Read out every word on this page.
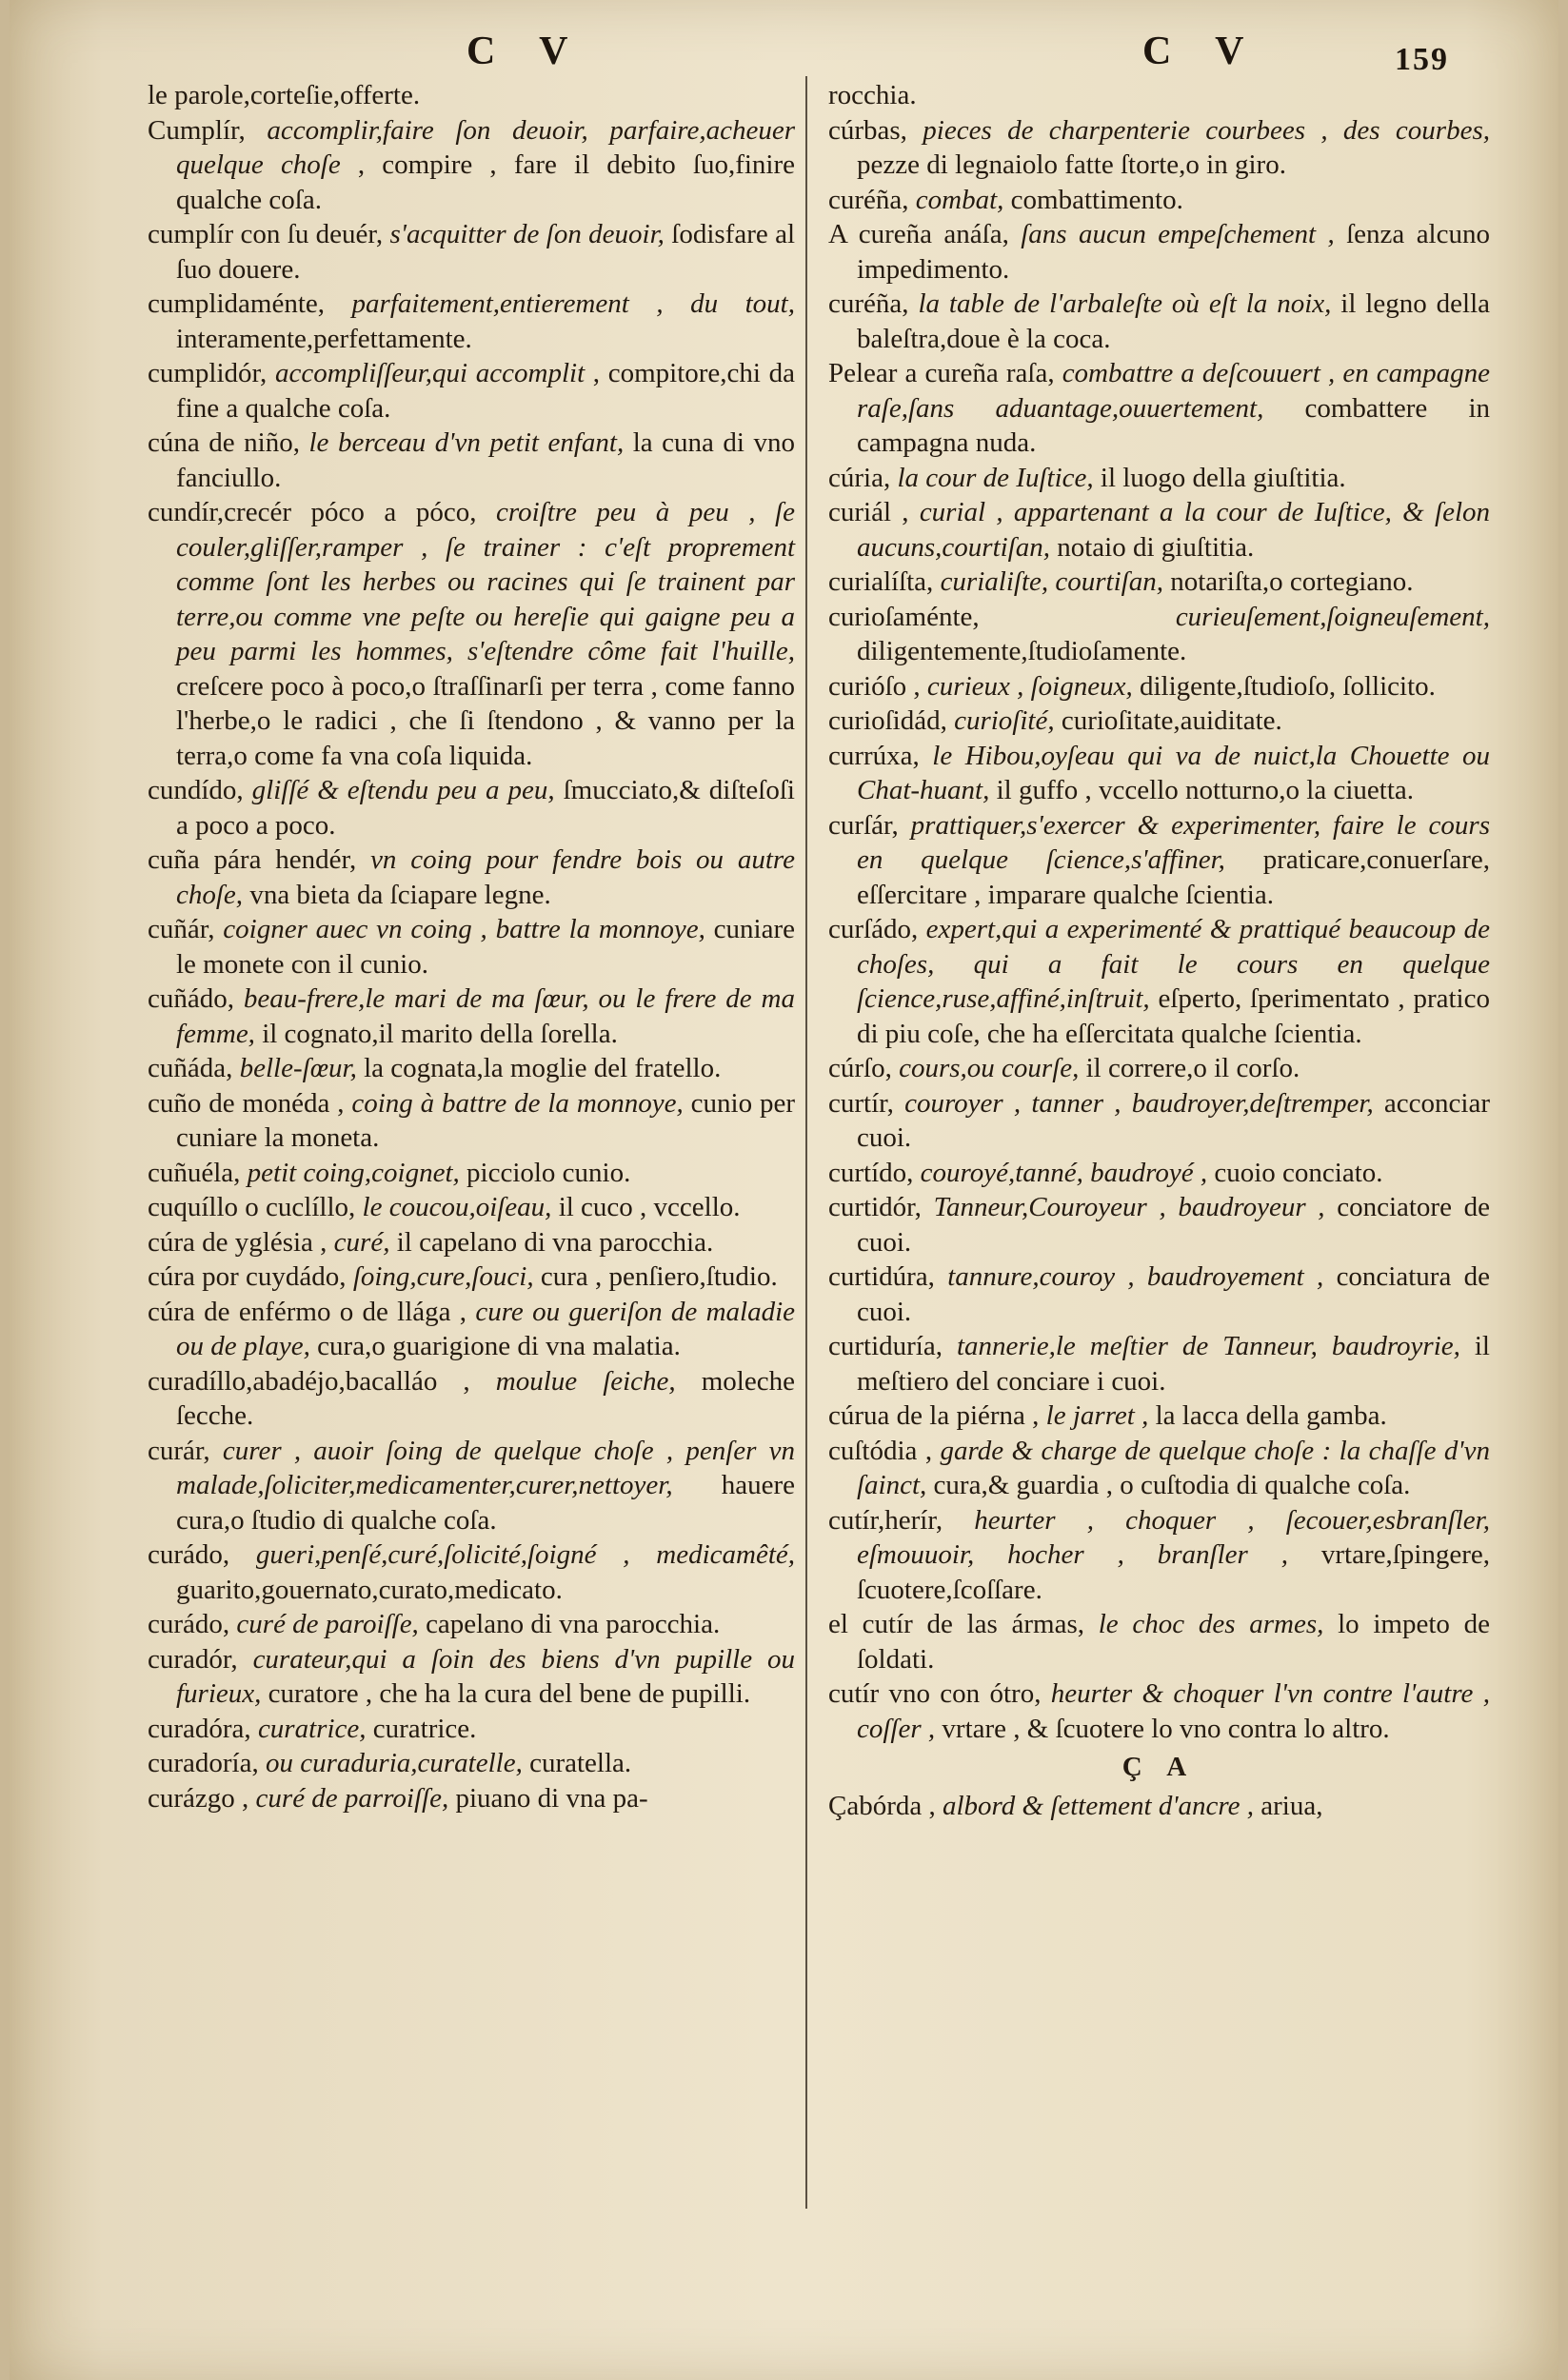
C V	C V	159
le parole,corteſie,offerte.
Cumplír, accomplir,faire ſon deuoir, parfaire,acheuer quelque choſe , compire , fare il debito ſuo,finire qualche coſa.
cumplír con ſu deuér, s'acquitter de ſon deuoir, ſodisfare al ſuo douere.
cumplidaménte, parfaitement,entierement , du tout, interamente,perfettamente.
cumplidór, accompliſſeur,qui accomplit , compitore,chi da fine a qualche coſa.
cúna de niño, le berceau d'vn petit enfant, la cuna di vno fanciullo.
cundír,crecér póco a póco, croiſtre peu à peu , ſe couler,gliſſer,ramper , ſe trainer : c'eſt proprement comme ſont les herbes ou racines qui ſe trainent par terre,ou comme vne peſte ou hereſie qui gaigne peu a peu parmi les hommes, s'eſtendre côme fait l'huille, creſcere poco à poco,o ſtraſſinarſi per terra , come fanno l'herbe,o le radici , che ſi ſtendono , & vanno per la terra,o come fa vna coſa liquida.
cundído, gliſſé & eſtendu peu a peu, ſmucciato,& diſteſoſi a poco a poco.
cuña pára hendér, vn coing pour fendre bois ou autre choſe, vna bieta da ſciapare legne.
cuñár, coigner auec vn coing , battre la monnoye, cuniare le monete con il cunio.
cuñádo, beau-frere,le mari de ma ſœur, ou le frere de ma femme, il cognato,il marito della ſorella.
cuñáda, belle-ſœur, la cognata,la moglie del fratello.
cuño de monéda , coing à battre de la monnoye, cunio per cuniare la moneta.
cuñuéla, petit coing,coignet, picciolo cunio.
cuquíllo o cuclíllo, le coucou,oiſeau, il cuco , vccello.
cúra de yglésia , curé, il capelano di vna parocchia.
cúra por cuydádo, ſoing,cure,ſouci, cura , penſiero,ſtudio.
cúra de enférmo o de llága , cure ou gueriſon de maladie ou de playe, cura,o guarigione di vna malatia.
curadíllo,abadéjo,bacalláo , moulue ſeiche, moleche ſecche.
curár, curer , auoir ſoing de quelque choſe , penſer vn malade,ſoliciter,medicamenter,curer,nettoyer, hauere cura,o ſtudio di qualche coſa.
curádo, gueri,penſé,curé,ſolicité,ſoigné , medicamêté, guarito,gouernato,curato,medicato.
curádo, curé de paroiſſe, capelano di vna parocchia.
curadór, curateur,qui a ſoin des biens d'vn pupille ou furieux, curatore , che ha la cura del bene de pupilli.
curadóra, curatrice, curatrice.
curadoría, ou curaduria,curatelle, curatella.
curázgo , curé de parroiſſe, piuano di vna pa-
rocchia.
cúrbas, pieces de charpenterie courbees , des courbes, pezze di legnaiolo fatte ſtorte,o in giro.
curéña, combat, combattimento.
A cureña anáſa, ſans aucun empeſchement , ſenza alcuno impedimento.
curéña, la table de l'arbaleſte où eſt la noix, il legno della baleſtra,doue è la coca.
Pelear a cureña raſa, combattre a deſcouuert , en campagne raſe,ſans aduantage,ouuertement, combattere in campagna nuda.
cúria, la cour de Iuſtice, il luogo della giuſtitia.
curiál , curial , appartenant a la cour de Iuſtice, & ſelon aucuns,courtiſan, notaio di giuſtitia.
curialíſta, curialiſte, courtiſan, notariſta,o cortegiano.
curioſaménte, curieuſement,ſoigneuſement, diligentemente,ſtudioſamente.
curióſo , curieux , ſoigneux, diligente,ſtudioſo, ſollicito.
curioſidád, curioſité, curioſitate,auiditate.
currúxa, le Hibou,oyſeau qui va de nuict,la Chouette ou Chat-huant, il guffo , vccello notturno,o la ciuetta.
curſár, prattiquer,s'exercer & experimenter, faire le cours en quelque ſcience,s'affiner, praticare,conuerſare, eſſercitare , imparare qualche ſcientia.
curſádo, expert,qui a experimenté & prattiqué beaucoup de choſes, qui a fait le cours en quelque ſcience,ruse,affiné,inſtruit, eſperto, ſperimentato , pratico di piu coſe, che ha eſſercitata qualche ſcientia.
cúrſo, cours,ou courſe, il correre,o il corſo.
curtír, couroyer , tanner , baudroyer,deſtremper, acconciar cuoi.
curtído, couroyé,tanné, baudroyé , cuoio conciato.
curtidór, Tanneur,Couroyeur , baudroyeur , conciatore de cuoi.
curtidúra, tannure,couroy , baudroyement , conciatura de cuoi.
curtiduría, tannerie,le meſtier de Tanneur, baudroyrie, il meſtiero del conciare i cuoi.
cúrua de la piérna , le jarret , la lacca della gamba.
cuſtódia , garde & charge de quelque choſe : la chaſſe d'vn ſainct, cura,& guardia , o cuſtodia di qualche coſa.
cutír,herír, heurter , choquer , ſecouer,esbranſler, eſmouuoir, hocher , branſler , vrtare,ſpingere, ſcuotere,ſcoſſare.
el cutír de las ármas, le choc des armes, lo impeto de ſoldati.
cutír vno con ótro, heurter & choquer l'vn contre l'autre , coſſer , vrtare , & ſcuotere lo vno contra lo altro.
Ç A
Çabórda , albord & ſettement d'ancre , ariua,
